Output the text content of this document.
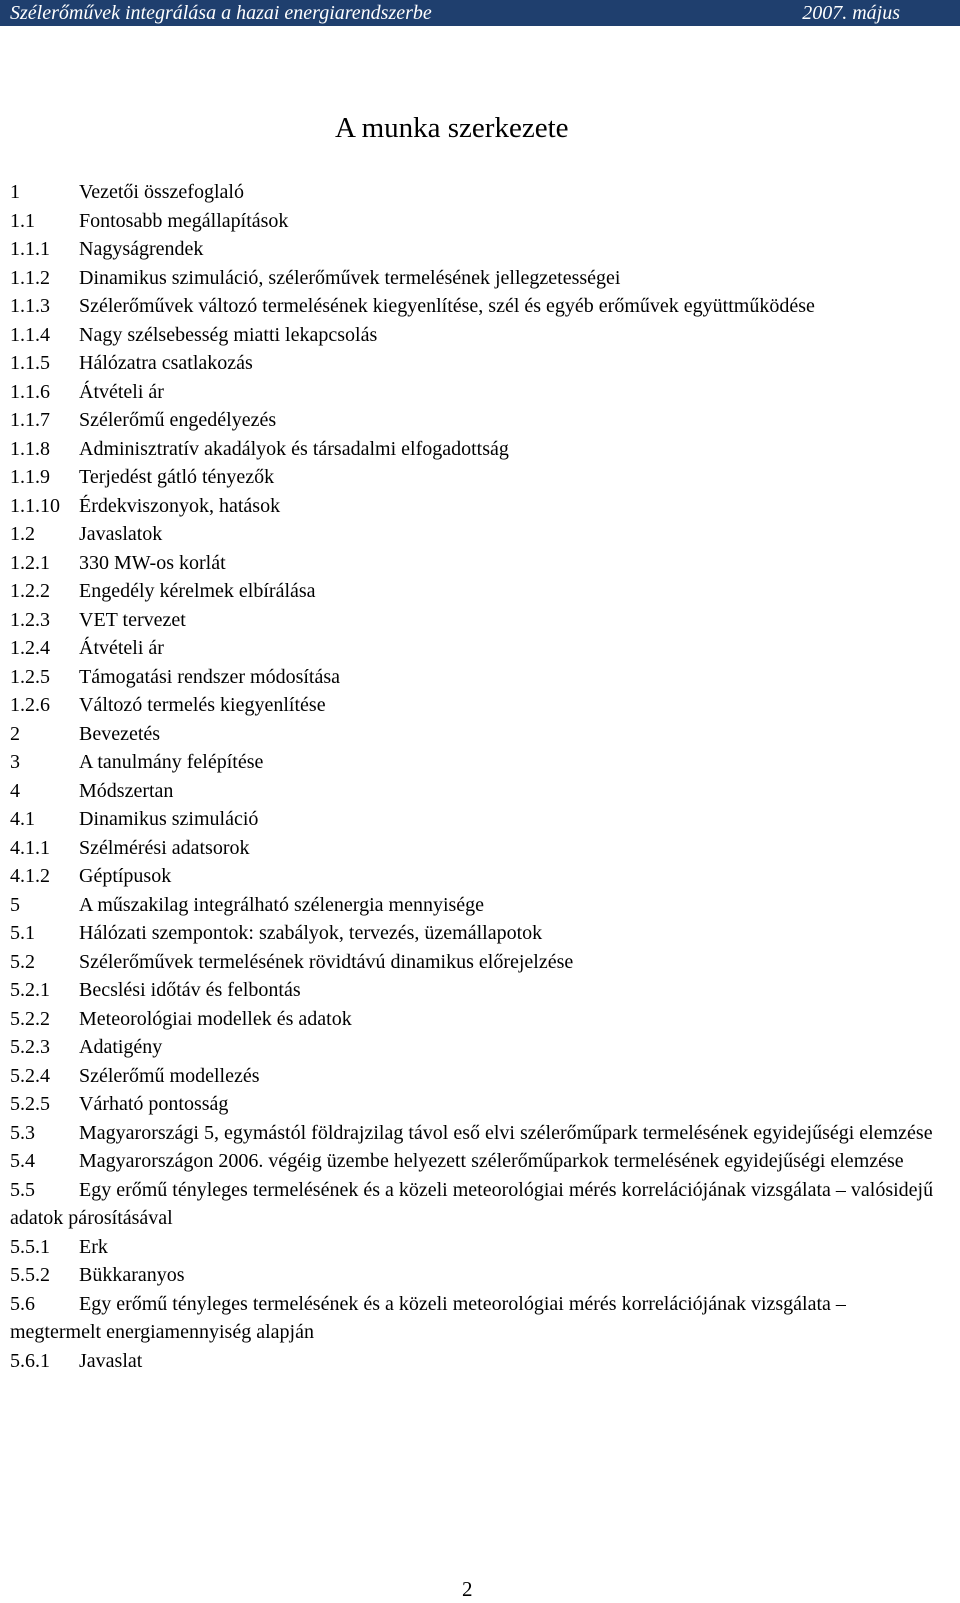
Szélerőművek integrálása a hazai energiarendszerbe	2007. május
A munka szerkezete
1	Vezetői összefoglaló
1.1 Fontosabb megállapítások
1.1.1 Nagyságrendek
1.1.2 Dinamikus szimuláció, szélerőművek termelésének jellegzetességei
1.1.3 Szélerőművek változó termelésének kiegyenlítése, szél és egyéb erőművek együttműködése
1.1.4 Nagy szélsebesség miatti lekapcsolás
1.1.5 Hálózatra csatlakozás
1.1.6 Átvételi ár
1.1.7 Szélerőmű engedélyezés
1.1.8 Adminisztratív akadályok és társadalmi elfogadottság
1.1.9 Terjedést gátló tényezők
1.1.10 Érdekviszonyok, hatások
1.2 Javaslatok
1.2.1 330 MW-os korlát
1.2.2 Engedély kérelmek elbírálása
1.2.3 VET tervezet
1.2.4 Átvételi ár
1.2.5 Támogatási rendszer módosítása
1.2.6 Változó termelés kiegyenlítése
2	Bevezetés
3	A tanulmány felépítése
4	Módszertan
4.1 Dinamikus szimuláció
4.1.1 Szélmérési adatsorok
4.1.2 Géptípusok
5	A műszakilag integrálható szélenergia mennyisége
5.1 Hálózati szempontok: szabályok, tervezés, üzemállapotok
5.2 Szélerőművek termelésének rövidtávú dinamikus előrejelzése
5.2.1 Becslési időtáv és felbontás
5.2.2 Meteorológiai modellek és adatok
5.2.3 Adatigény
5.2.4 Szélerőmű modellezés
5.2.5 Várható pontosság
5.3 Magyarországi 5, egymástól földrajzilag távol eső elvi szélerőműpark termelésének egyidejűségi elemzése
5.4 Magyarországon 2006. végéig üzembe helyezett szélerőműparkok termelésének egyidejűségi elemzése
5.5 Egy erőmű tényleges termelésének és a közeli meteorológiai mérés korrelációjának vizsgálata – valósidejű adatok párosításával
5.5.1 Erk
5.5.2 Bükkaranyos
5.6 Egy erőmű tényleges termelésének és a közeli meteorológiai mérés korrelációjának vizsgálata – megtermelt energiamennyiség alapján
5.6.1 Javaslat
2
